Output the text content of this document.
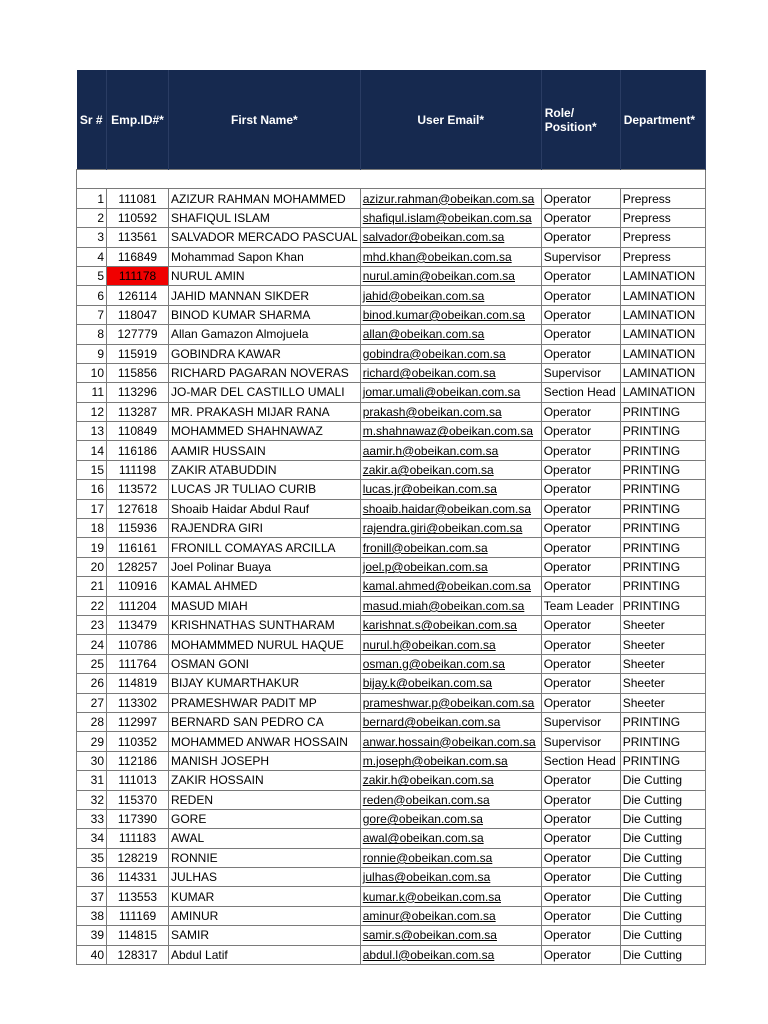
Sr #	Emp.ID#*	First Name*	User Email*	Role/ Position*	Department*

1	111081	AZIZUR RAHMAN MOHAMMED	azizur.rahman@obeikan.com.sa	Operator	Prepress
2	110592	SHAFIQUL ISLAM	shafiqul.islam@obeikan.com.sa	Operator	Prepress
3	113561	SALVADOR MERCADO PASCUAL	salvador@obeikan.com.sa	Operator	Prepress
4	116849	Mohammad Sapon Khan	mhd.khan@obeikan.com.sa	Supervisor	Prepress
5	111178	NURUL AMIN	nurul.amin@obeikan.com.sa	Operator	LAMINATION
6	126114	JAHID MANNAN SIKDER	jahid@obeikan.com.sa	Operator	LAMINATION
7	118047	BINOD KUMAR SHARMA	binod.kumar@obeikan.com.sa	Operator	LAMINATION
8	127779	Allan Gamazon Almojuela	allan@obeikan.com.sa	Operator	LAMINATION
9	115919	GOBINDRA KAWAR	gobindra@obeikan.com.sa	Operator	LAMINATION
10	115856	RICHARD PAGARAN NOVERAS	richard@obeikan.com.sa	Supervisor	LAMINATION
11	113296	JO-MAR DEL CASTILLO UMALI	jomar.umali@obeikan.com.sa	Section Head	LAMINATION
12	113287	MR. PRAKASH MIJAR RANA	prakash@obeikan.com.sa	Operator	PRINTING
13	110849	MOHAMMED SHAHNAWAZ	m.shahnawaz@obeikan.com.sa	Operator	PRINTING
14	116186	AAMIR HUSSAIN	aamir.h@obeikan.com.sa	Operator	PRINTING
15	111198	ZAKIR ATABUDDIN	zakir.a@obeikan.com.sa	Operator	PRINTING
16	113572	LUCAS JR TULIAO CURIB	lucas.jr@obeikan.com.sa	Operator	PRINTING
17	127618	Shoaib Haidar Abdul Rauf	shoaib.haidar@obeikan.com.sa	Operator	PRINTING
18	115936	RAJENDRA GIRI	rajendra.giri@obeikan.com.sa	Operator	PRINTING
19	116161	FRONILL COMAYAS ARCILLA	fronill@obeikan.com.sa	Operator	PRINTING
20	128257	Joel Polinar Buaya	joel.p@obeikan.com.sa	Operator	PRINTING
21	110916	KAMAL AHMED	kamal.ahmed@obeikan.com.sa	Operator	PRINTING
22	111204	MASUD MIAH	masud.miah@obeikan.com.sa	Team Leader	PRINTING
23	113479	KRISHNATHAS SUNTHARAM	karishnat.s@obeikan.com.sa	Operator	Sheeter
24	110786	MOHAMMMED NURUL HAQUE	nurul.h@obeikan.com.sa	Operator	Sheeter
25	111764	OSMAN GONI	osman.g@obeikan.com.sa	Operator	Sheeter
26	114819	BIJAY KUMARTHAKUR	bijay.k@obeikan.com.sa	Operator	Sheeter
27	113302	PRAMESHWAR PADIT MP	prameshwar.p@obeikan.com.sa	Operator	Sheeter
28	112997	BERNARD SAN PEDRO CA	bernard@obeikan.com.sa	Supervisor	PRINTING
29	110352	MOHAMMED ANWAR HOSSAIN	anwar.hossain@obeikan.com.sa	Supervisor	PRINTING
30	112186	MANISH JOSEPH	m.joseph@obeikan.com.sa	Section Head	PRINTING
31	111013	ZAKIR HOSSAIN	zakir.h@obeikan.com.sa	Operator	Die Cutting
32	115370	REDEN	reden@obeikan.com.sa	Operator	Die Cutting
33	117390	GORE	gore@obeikan.com.sa	Operator	Die Cutting
34	111183	AWAL	awal@obeikan.com.sa	Operator	Die Cutting
35	128219	RONNIE	ronnie@obeikan.com.sa	Operator	Die Cutting
36	114331	JULHAS	julhas@obeikan.com.sa	Operator	Die Cutting
37	113553	KUMAR	kumar.k@obeikan.com.sa	Operator	Die Cutting
38	111169	AMINUR	aminur@obeikan.com.sa	Operator	Die Cutting
39	114815	SAMIR	samir.s@obeikan.com.sa	Operator	Die Cutting
40	128317	Abdul Latif	abdul.l@obeikan.com.sa	Operator	Die Cutting
